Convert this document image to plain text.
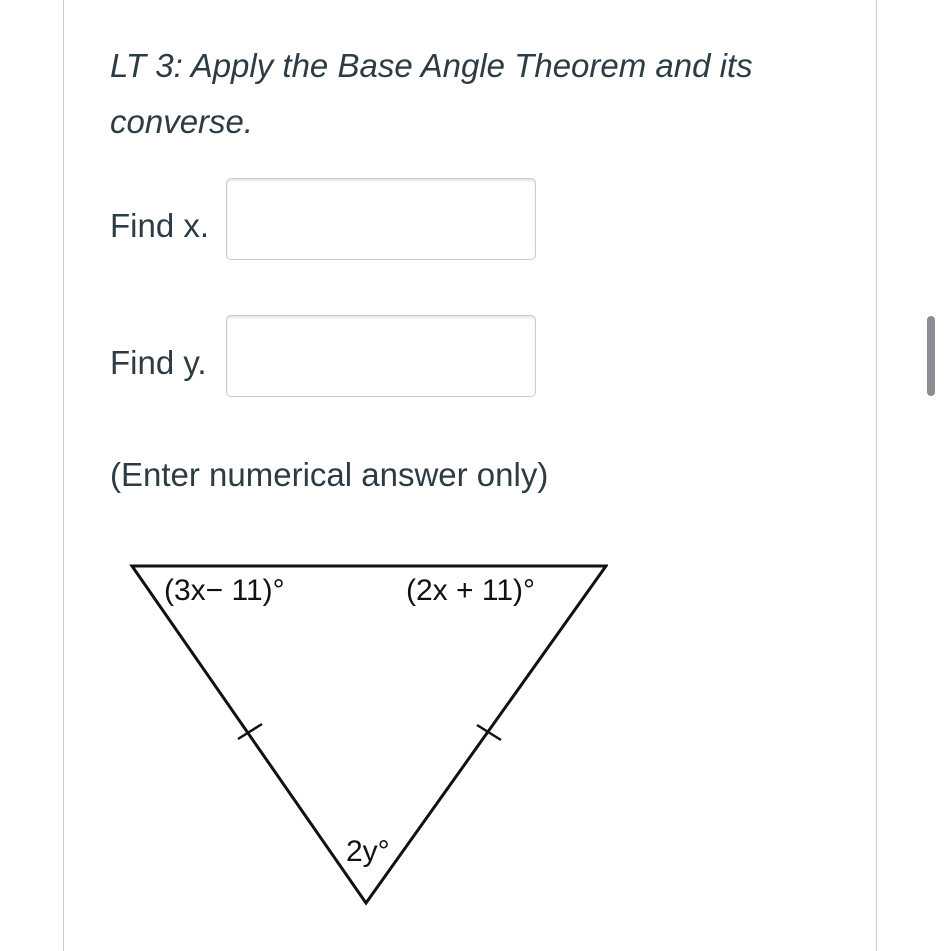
LT 3: Apply the Base Angle Theorem and its converse.

Find x.
Find y.
(Enter numerical answer only)
(3x− 11)°	(2x + 11)°
2y°
